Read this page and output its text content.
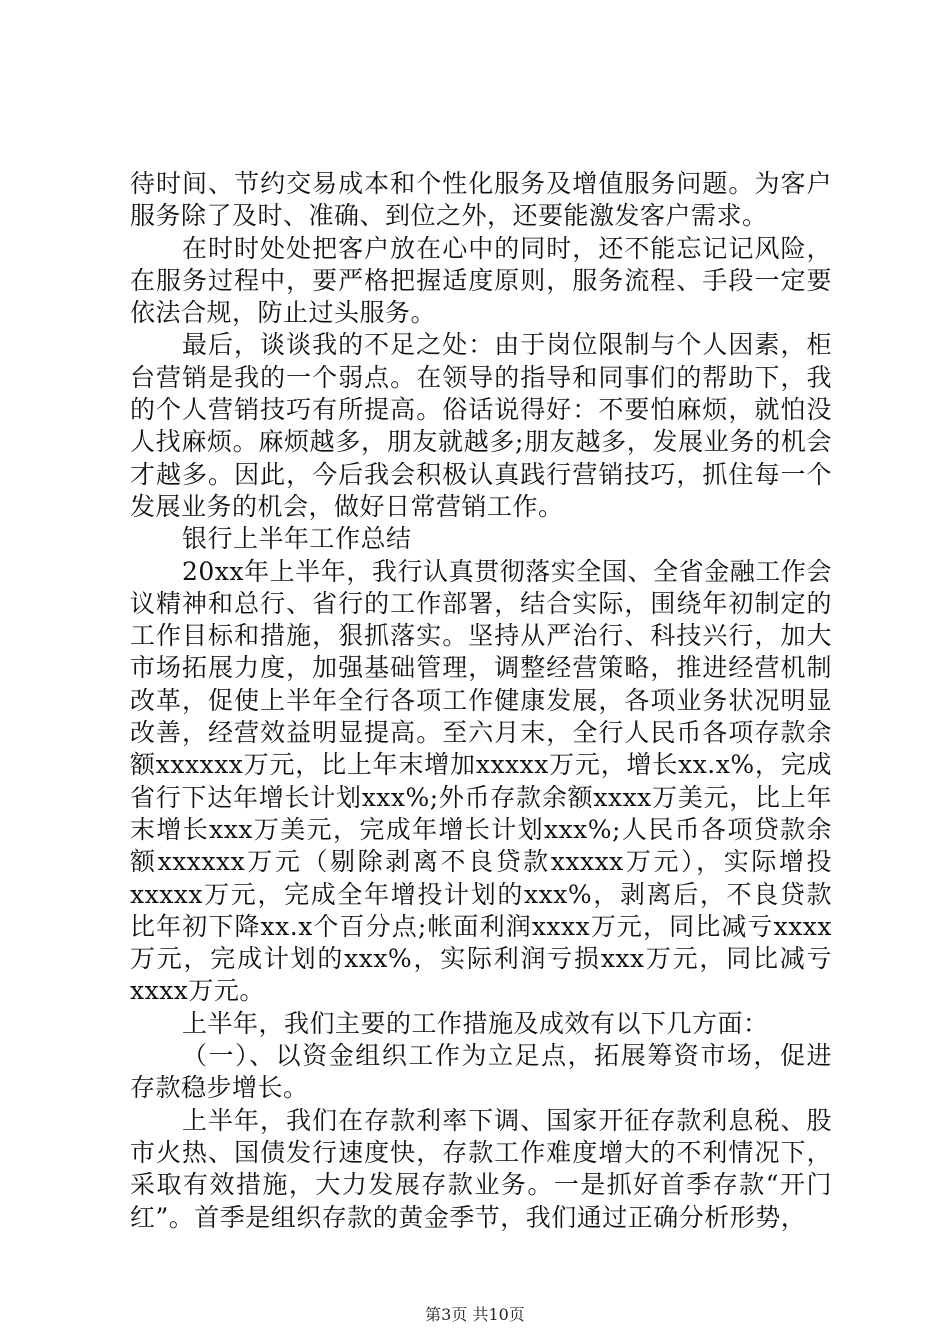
待时间、节约交易成本和个性化服务及增值服务问题。为客户服务除了及时、准确、到位之外，还要能激发客户需求。

在时时处处把客户放在心中的同时，还不能忘记记风险，在服务过程中，要严格把握适度原则，服务流程、手段一定要依法合规，防止过头服务。

最后，谈谈我的不足之处：由于岗位限制与个人因素，柜台营销是我的一个弱点。在领导的指导和同事们的帮助下，我的个人营销技巧有所提高。俗话说得好：不要怕麻烦，就怕没人找麻烦。麻烦越多，朋友就越多;朋友越多，发展业务的机会才越多。因此，今后我会积极认真践行营销技巧，抓住每一个发展业务的机会，做好日常营销工作。

银行上半年工作总结

20xx年上半年，我行认真贯彻落实全国、全省金融工作会议精神和总行、省行的工作部署，结合实际，围绕年初制定的工作目标和措施，狠抓落实。坚持从严治行、科技兴行，加大市场拓展力度，加强基础管理，调整经营策略，推进经营机制改革，促使上半年全行各项工作健康发展，各项业务状况明显改善，经营效益明显提高。至六月末，全行人民币各项存款余额xxxxxx万元，比上年末增加xxxxx万元，增长xx.x%，完成省行下达年增长计划xxx%;外币存款余额xxxx万美元，比上年末增长xxx万美元，完成年增长计划xxx%;人民币各项贷款余额xxxxxx万元（剔除剥离不良贷款xxxxx万元），实际增投xxxxx万元，完成全年增投计划的xxx%，剥离后，不良贷款比年初下降xx.x个百分点;帐面利润xxxx万元，同比减亏xxxx万元，完成计划的xxx%，实际利润亏损xxx万元，同比减亏xxxx万元。

上半年，我们主要的工作措施及成效有以下几方面：

（一）、以资金组织工作为立足点，拓展筹资市场，促进存款稳步增长。

上半年，我们在存款利率下调、国家开征存款利息税、股市火热、国债发行速度快，存款工作难度增大的不利情况下，采取有效措施，大力发展存款业务。一是抓好首季存款“开门红”。首季是组织存款的黄金季节，我们通过正确分析形势，

第3页 共10页
